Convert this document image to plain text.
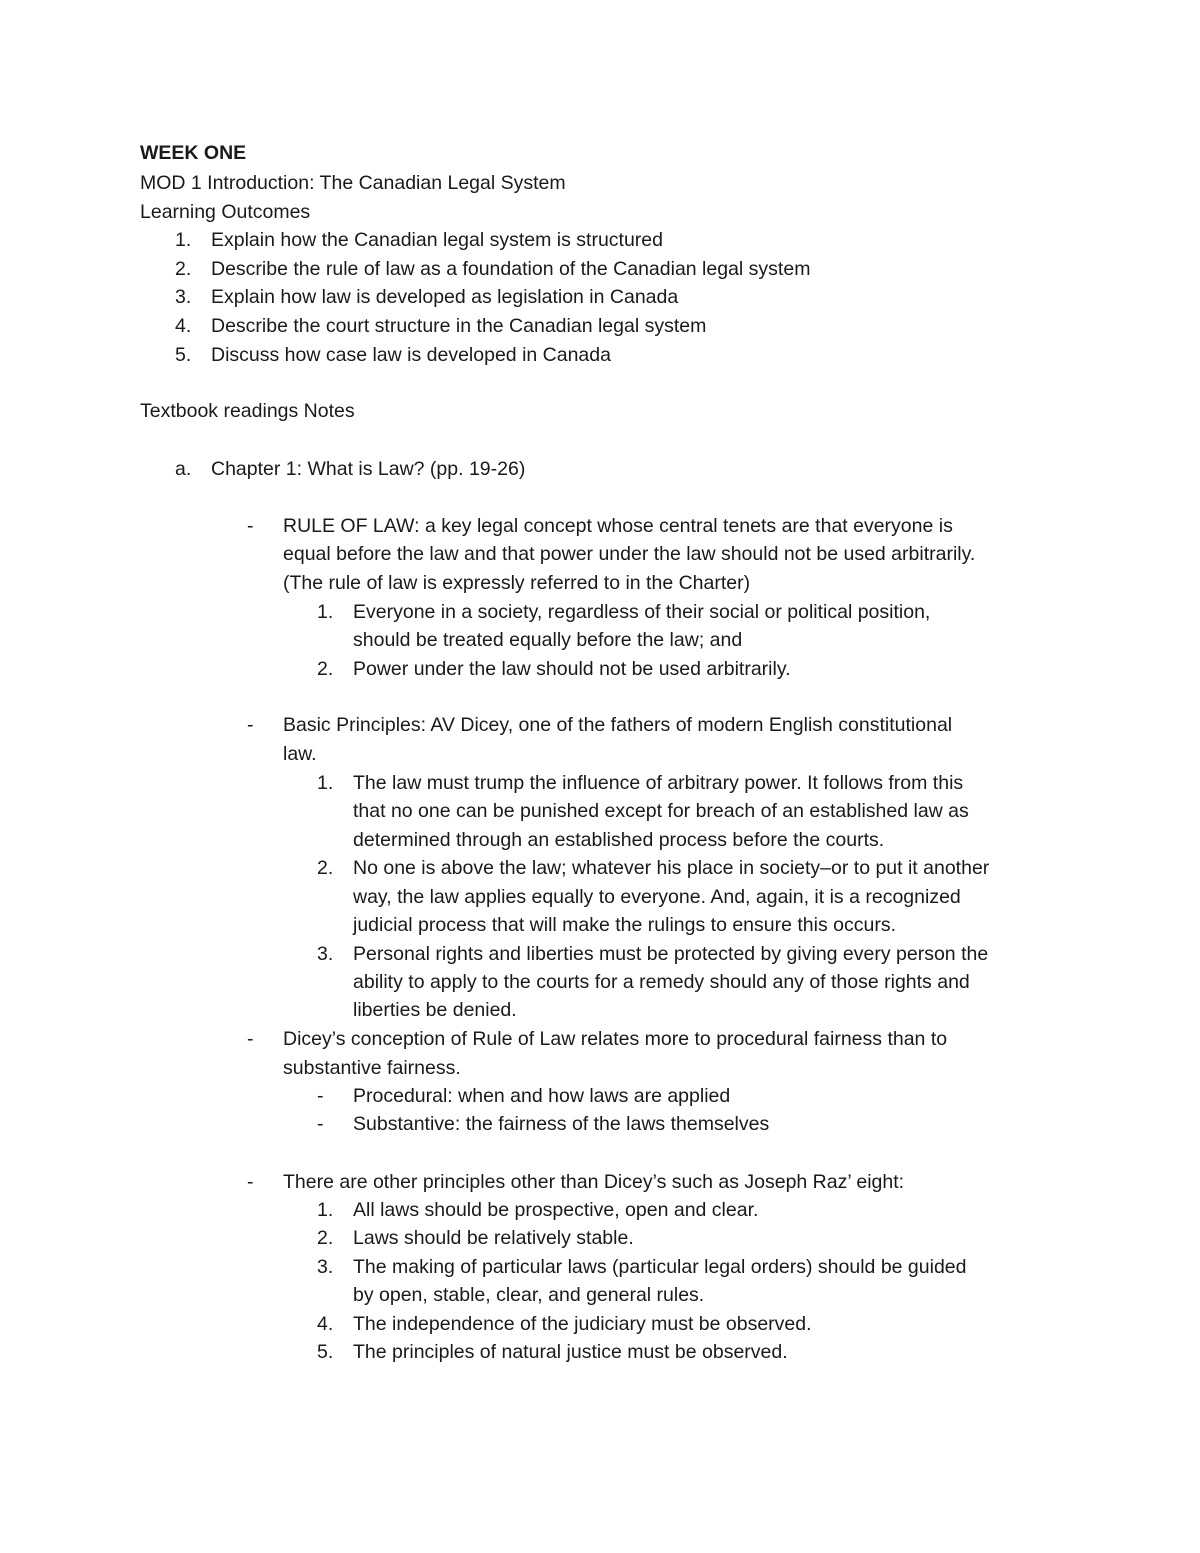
WEEK ONE
MOD 1 Introduction: The Canadian Legal System
Learning Outcomes
1. Explain how the Canadian legal system is structured
2. Describe the rule of law as a foundation of the Canadian legal system
3. Explain how law is developed as legislation in Canada
4. Describe the court structure in the Canadian legal system
5. Discuss how case law is developed in Canada
Textbook readings Notes
a. Chapter 1: What is Law? (pp. 19-26)
- RULE OF LAW: a key legal concept whose central tenets are that everyone is
equal before the law and that power under the law should not be used arbitrarily.
(The rule of law is expressly referred to in the Charter)
1. Everyone in a society, regardless of their social or political position,
should be treated equally before the law; and
2. Power under the law should not be used arbitrarily.
- Basic Principles: AV Dicey, one of the fathers of modern English constitutional
law.
1. The law must trump the influence of arbitrary power. It follows from this
that no one can be punished except for breach of an established law as
determined through an established process before the courts.
2. No one is above the law; whatever his place in society–or to put it another
way, the law applies equally to everyone. And, again, it is a recognized
judicial process that will make the rulings to ensure this occurs.
3. Personal rights and liberties must be protected by giving every person the
ability to apply to the courts for a remedy should any of those rights and
liberties be denied.
- Dicey’s conception of Rule of Law relates more to procedural fairness than to
substantive fairness.
- Procedural: when and how laws are applied
- Substantive: the fairness of the laws themselves
- There are other principles other than Dicey’s such as Joseph Raz’ eight:
1. All laws should be prospective, open and clear.
2. Laws should be relatively stable.
3. The making of particular laws (particular legal orders) should be guided
by open, stable, clear, and general rules.
4. The independence of the judiciary must be observed.
5. The principles of natural justice must be observed.
